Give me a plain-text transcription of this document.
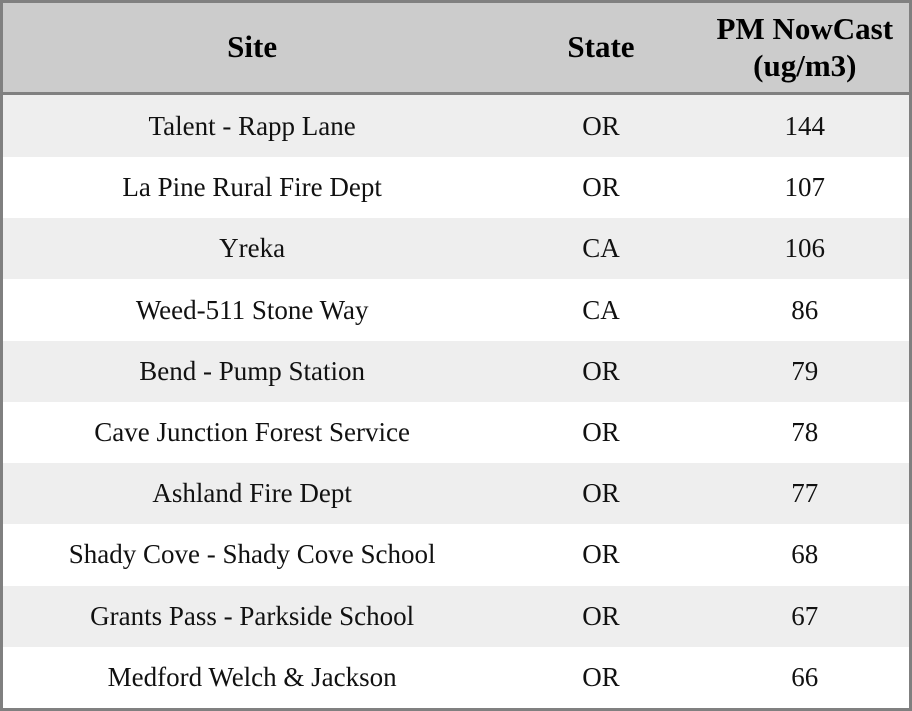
Site	State	PM NowCast (ug/m3)
Talent - Rapp Lane	OR	144
La Pine Rural Fire Dept	OR	107
Yreka	CA	106
Weed-511 Stone Way	CA	86
Bend - Pump Station	OR	79
Cave Junction Forest Service	OR	78
Ashland Fire Dept	OR	77
Shady Cove - Shady Cove School	OR	68
Grants Pass - Parkside School	OR	67
Medford Welch & Jackson	OR	66
